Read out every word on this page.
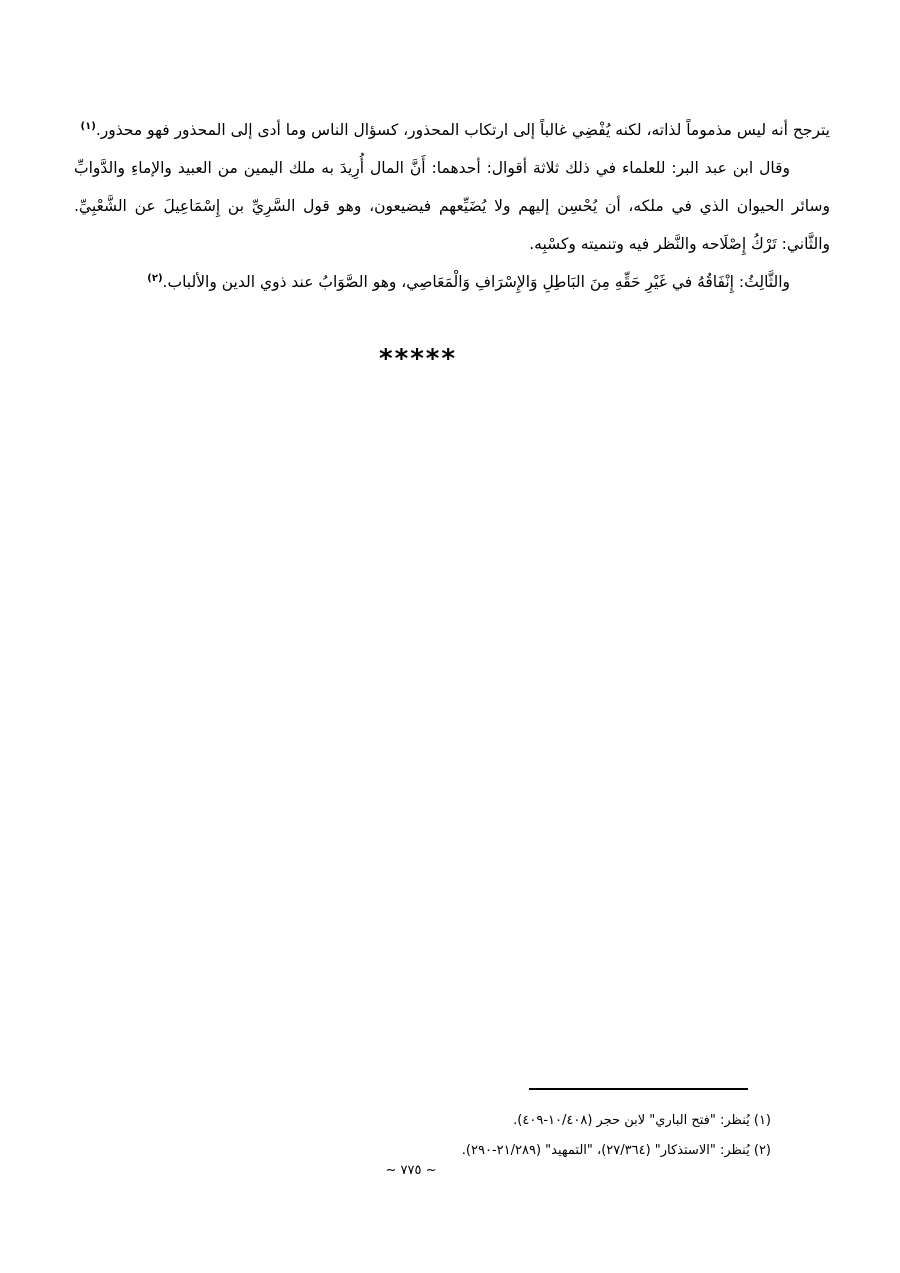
يترجح أنه ليس مذموماً لذاته، لكنه يُفْضِي غالباً إلى ارتكاب المحذور، كسؤال الناس وما أدى إلى المحذور فهو محذور.$^{(١)}$

وقال ابن عبد البر: للعلماء في ذلك ثلاثة أقوال: أحدهما: أَنَّ المال أُرِيدَ به ملك اليمين من العبيد والإماءِ والدَّوابِّ وسائر الحيوان الذي في ملكه، أن يُحْسِن إليهم ولا يُضَيِّعهم فيضيعون، وهو قول السَّرِيِّ بن إِسْمَاعِيلَ عن الشَّعْبِيِّ. والثَّاني: تَرْكُ إِصْلَاحه والنَّظر فيه وتنميته وكسْبِه.

والثَّالِثُ: إِنْفَاقُهُ في غَيْرِ حَقِّهِ مِنَ البَاطِلِ وَالإِسْرَافِ وَالْمَعَاصِي، وهو الصَّوَابُ عند ذوي الدين والألباب.$^{(٢)}$

*****

(١) يُنظر: "فتح الباري" لابن حجر (١٠/٤٠٨-٤٠٩).

(٢) يُنظر: "الاستذكار" (٢٧/٣٦٤)، "التمهيد" (٢١/٢٨٩-٢٩٠).

~ ٧٧٥ ~
